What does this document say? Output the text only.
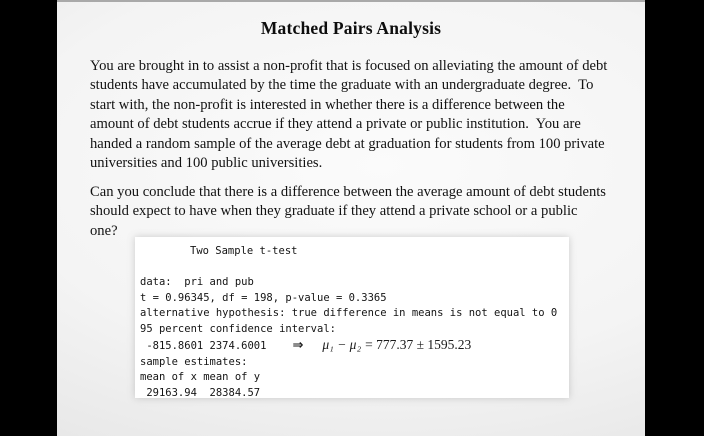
Matched Pairs Analysis
You are brought in to assist a non-profit that is focused on alleviating the amount of debt
students have accumulated by the time the graduate with an undergraduate degree.  To
start with, the non-profit is interested in whether there is a difference between the
amount of debt students accrue if they attend a private or public institution.  You are
handed a random sample of the average debt at graduation for students from 100 private
universities and 100 public universities.
Can you conclude that there is a difference between the average amount of debt students
should expect to have when they graduate if they attend a private school or a public
one?
Two Sample t-test
data:  pri and pub
t = 0.96345, df = 198, p-value = 0.3365
alternative hypothesis: true difference in means is not equal to 0
95 percent confidence interval:
-815.8601 2374.6001 ⇒ μ₁ − μ₂ = 777.37 ± 1595.23
sample estimates:
mean of x mean of y
29163.94  28384.57
